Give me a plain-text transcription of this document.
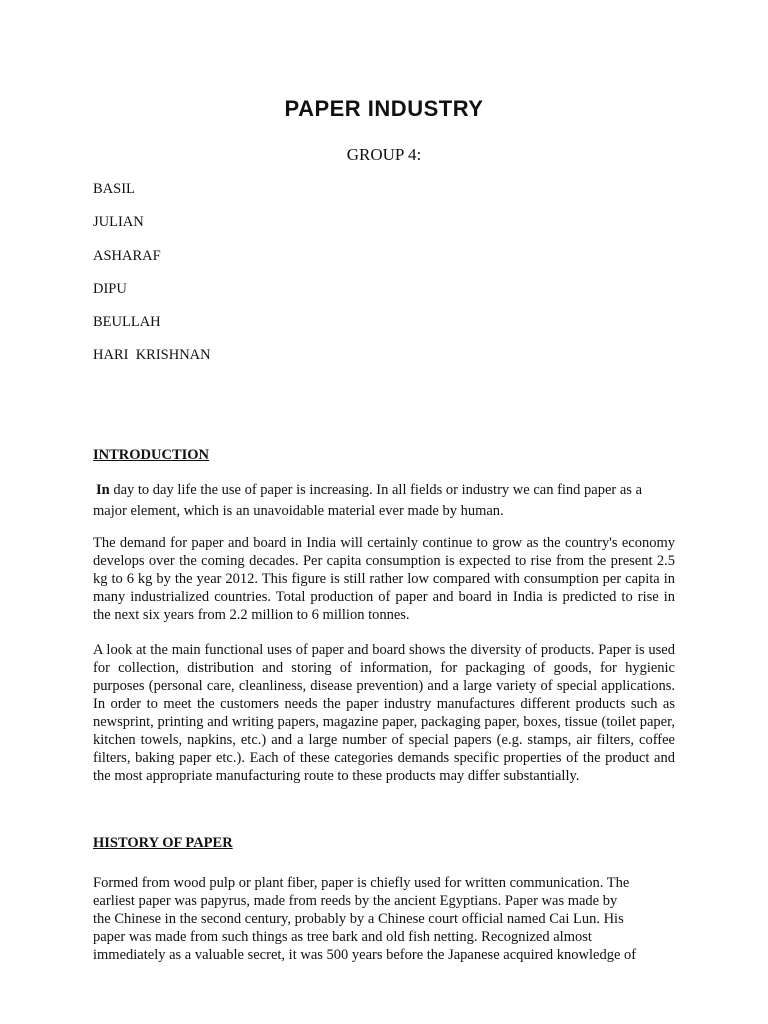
PAPER INDUSTRY
GROUP 4:
BASIL
JULIAN
ASHARAF
DIPU
BEULLAH
HARI  KRISHNAN
INTRODUCTION

In day to day life the use of paper is increasing. In all fields or industry we can find paper as a major element, which is an unavoidable material ever made by human.

The demand for paper and board in India will certainly continue to grow as the country's economy develops over the coming decades. Per capita consumption is expected to rise from the present 2.5 kg to 6 kg by the year 2012. This figure is still rather low compared with consumption per capita in many industrialized countries. Total production of paper and board in India is predicted to rise in the next six years from 2.2 million to 6 million tonnes.

A look at the main functional uses of paper and board shows the diversity of products. Paper is used for collection, distribution and storing of information, for packaging of goods, for hygienic purposes (personal care, cleanliness, disease prevention) and a large variety of special applications. In order to meet the customers needs the paper industry manufactures different products such as newsprint, printing and writing papers, magazine paper, packaging paper, boxes, tissue (toilet paper, kitchen towels, napkins, etc.) and a large number of special papers (e.g. stamps, air filters, coffee filters, baking paper etc.). Each of these categories demands specific properties of the product and the most appropriate manufacturing route to these products may differ substantially.

HISTORY OF PAPER

Formed from wood pulp or plant fiber, paper is chiefly used for written communication. The
earliest paper was papyrus, made from reeds by the ancient Egyptians. Paper was made by
the Chinese in the second century, probably by a Chinese court official named Cai Lun. His
paper was made from such things as tree bark and old fish netting. Recognized almost
immediately as a valuable secret, it was 500 years before the Japanese acquired knowledge of
